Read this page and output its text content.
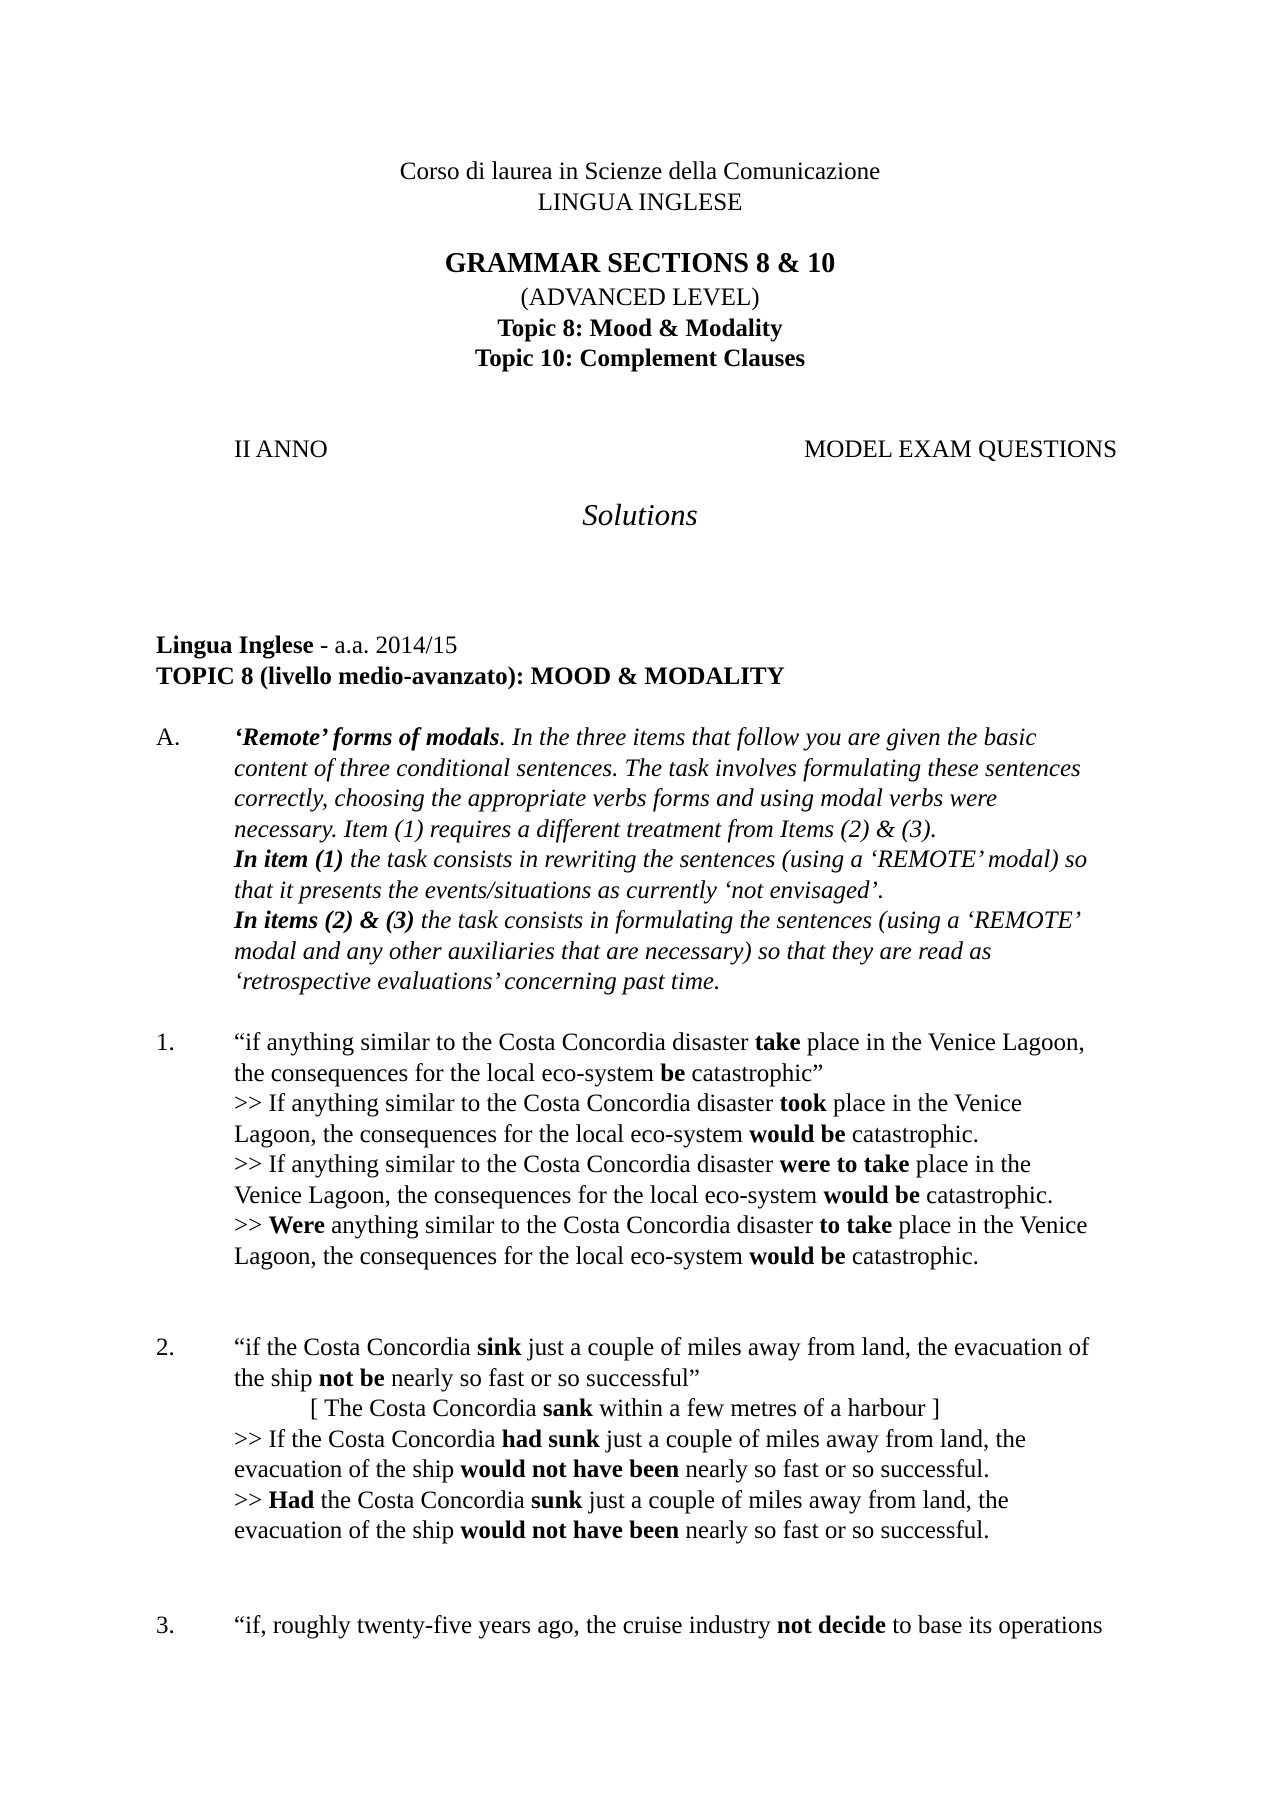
Corso di laurea in Scienze della Comunicazione
LINGUA INGLESE
GRAMMAR SECTIONS 8 & 10
(ADVANCED LEVEL)
Topic 8: Mood & Modality
Topic 10: Complement Clauses
II ANNO	MODEL EXAM QUESTIONS
Solutions
Lingua Inglese - a.a. 2014/15
TOPIC 8 (livello medio-avanzato): MOOD & MODALITY
A. ‘Remote’ forms of modals. In the three items that follow you are given the basic
content of three conditional sentences. The task involves formulating these sentences
correctly, choosing the appropriate verbs forms and using modal verbs were
necessary. Item (1) requires a different treatment from Items (2) & (3).
In item (1) the task consists in rewriting the sentences (using a ‘REMOTE’ modal) so
that it presents the events/situations as currently ‘not envisaged’.
In items (2) & (3) the task consists in formulating the sentences (using a ‘REMOTE’
modal and any other auxiliaries that are necessary) so that they are read as
‘retrospective evaluations’ concerning past time.
1. “if anything similar to the Costa Concordia disaster take place in the Venice Lagoon,
the consequences for the local eco-system be catastrophic”
>> If anything similar to the Costa Concordia disaster took place in the Venice
Lagoon, the consequences for the local eco-system would be catastrophic.
>> If anything similar to the Costa Concordia disaster were to take place in the
Venice Lagoon, the consequences for the local eco-system would be catastrophic.
>> Were anything similar to the Costa Concordia disaster to take place in the Venice
Lagoon, the consequences for the local eco-system would be catastrophic.
2. “if the Costa Concordia sink just a couple of miles away from land, the evacuation of
the ship not be nearly so fast or so successful”
[ The Costa Concordia sank within a few metres of a harbour ]
>> If the Costa Concordia had sunk just a couple of miles away from land, the
evacuation of the ship would not have been nearly so fast or so successful.
>> Had the Costa Concordia sunk just a couple of miles away from land, the
evacuation of the ship would not have been nearly so fast or so successful.
3. “if, roughly twenty-five years ago, the cruise industry not decide to base its operations
